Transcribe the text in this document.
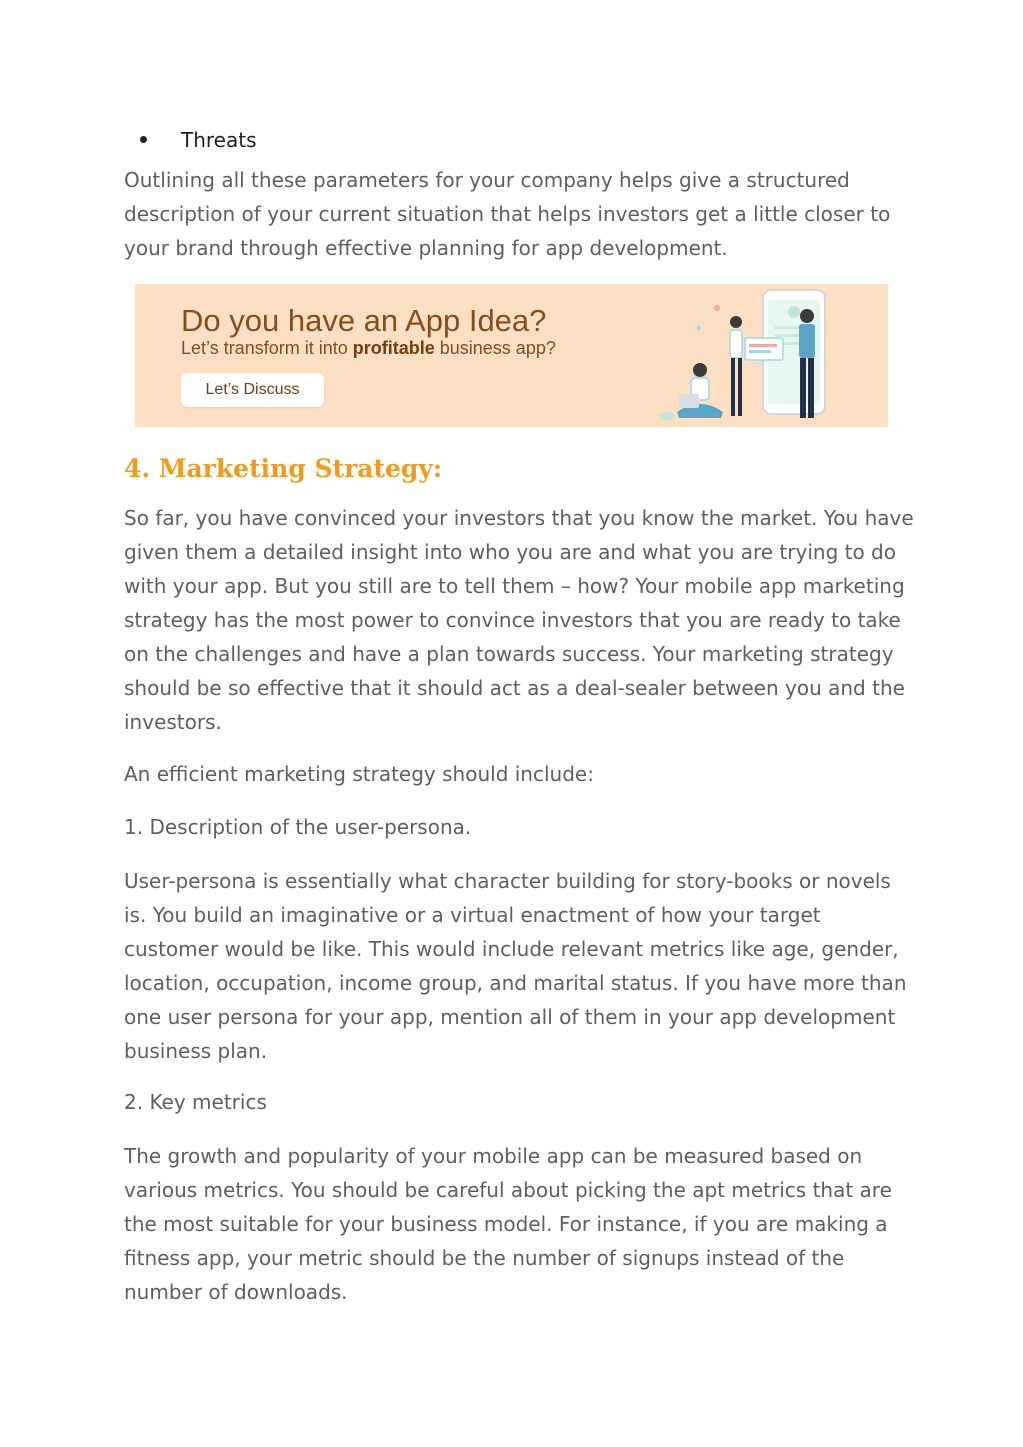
Threats

Outlining all these parameters for your company helps give a structured description of your current situation that helps investors get a little closer to your brand through effective planning for app development.

4. Marketing Strategy:

So far, you have convinced your investors that you know the market. You have given them a detailed insight into who you are and what you are trying to do with your app. But you still are to tell them – how? Your mobile app marketing strategy has the most power to convince investors that you are ready to take on the challenges and have a plan towards success. Your marketing strategy should be so effective that it should act as a deal-sealer between you and the investors.

An efficient marketing strategy should include:

1. Description of the user-persona.

User-persona is essentially what character building for story-books or novels is. You build an imaginative or a virtual enactment of how your target customer would be like. This would include relevant metrics like age, gender, location, occupation, income group, and marital status. If you have more than one user persona for your app, mention all of them in your app development business plan.

2. Key metrics

The growth and popularity of your mobile app can be measured based on various metrics. You should be careful about picking the apt metrics that are the most suitable for your business model. For instance, if you are making a fitness app, your metric should be the number of signups instead of the number of downloads.

Do you have an App Idea?
Let’s transform it into profitable business app?
Let’s Discuss
